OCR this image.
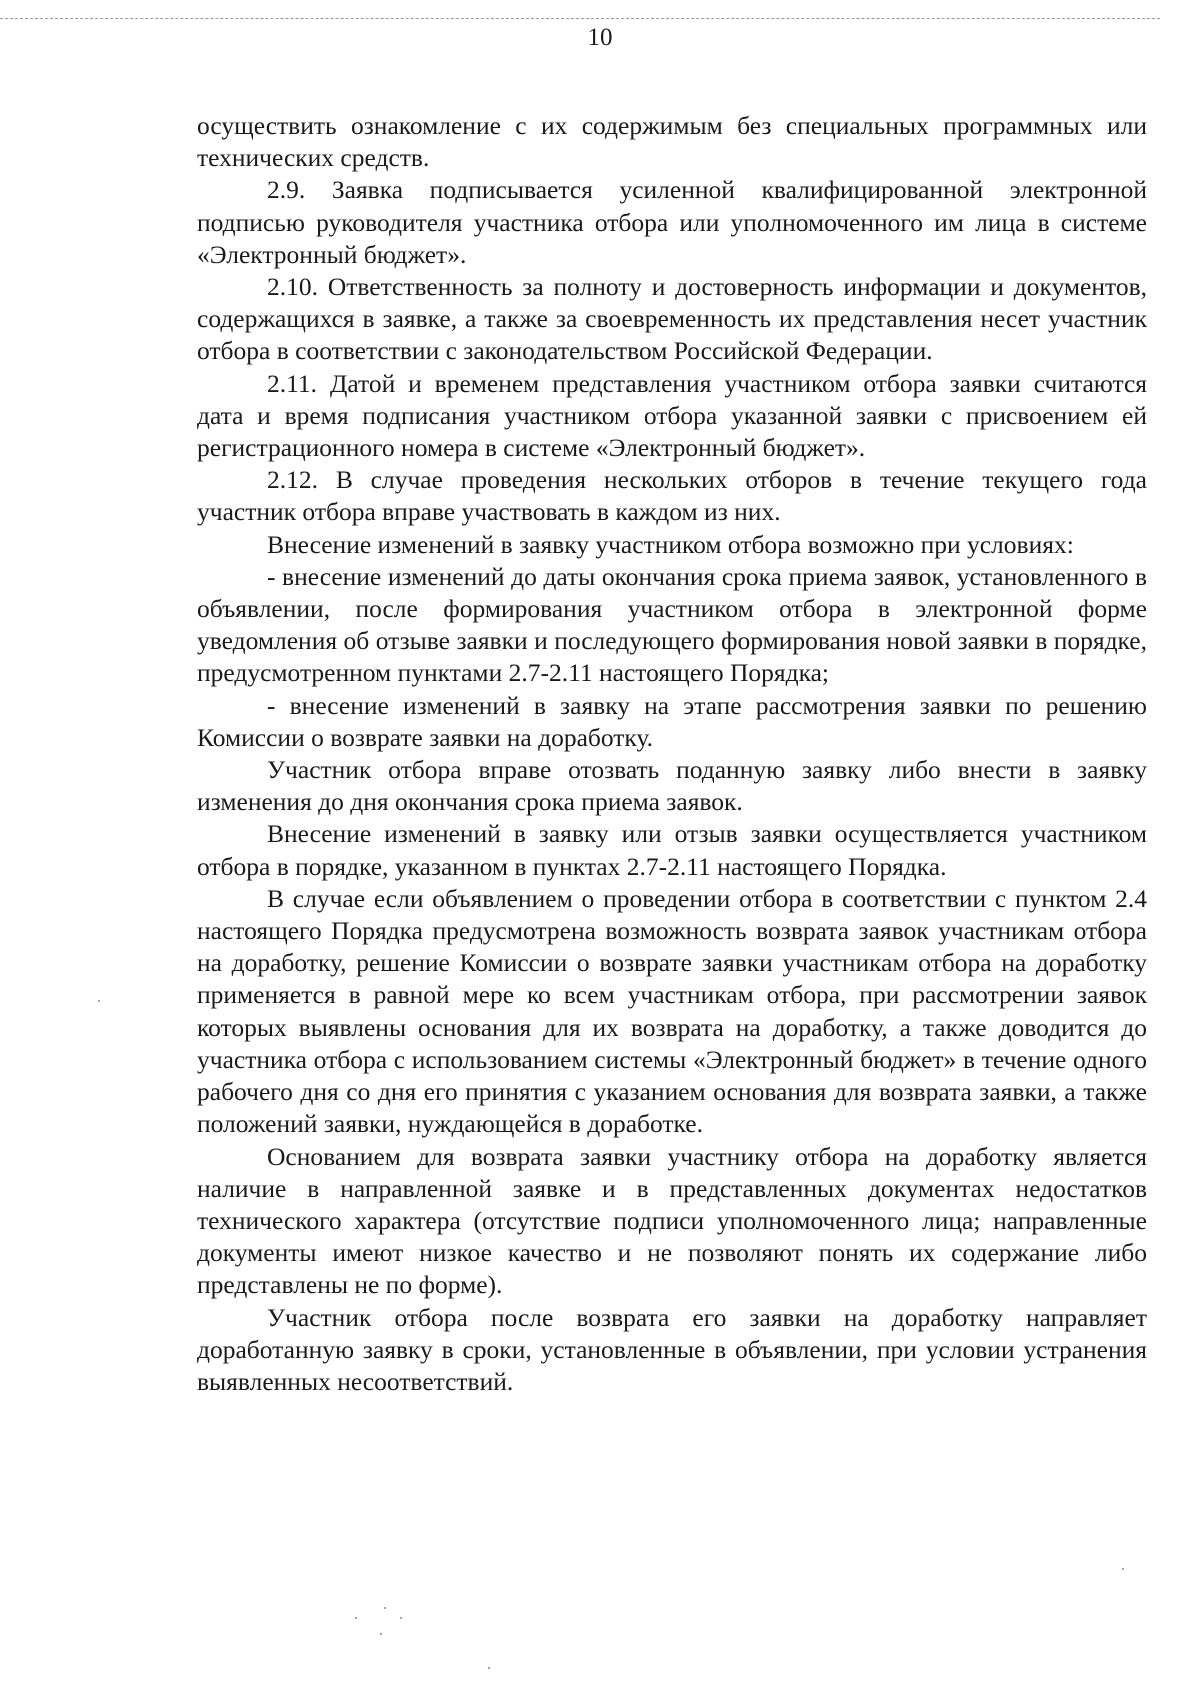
10

осуществить ознакомление с их содержимым без специальных программных или технических средств.

2.9. Заявка подписывается усиленной квалифицированной электронной подписью руководителя участника отбора или уполномоченного им лица в системе «Электронный бюджет».

2.10. Ответственность за полноту и достоверность информации и документов, содержащихся в заявке, а также за своевременность их представления несет участник отбора в соответствии с законодательством Российской Федерации.

2.11. Датой и временем представления участником отбора заявки считаются дата и время подписания участником отбора указанной заявки с присвоением ей регистрационного номера в системе «Электронный бюджет».

2.12. В случае проведения нескольких отборов в течение текущего года участник отбора вправе участвовать в каждом из них.

Внесение изменений в заявку участником отбора возможно при условиях:

- внесение изменений до даты окончания срока приема заявок, установленного в объявлении, после формирования участником отбора в электронной форме уведомления об отзыве заявки и последующего формирования новой заявки в порядке, предусмотренном пунктами 2.7-2.11 настоящего Порядка;

- внесение изменений в заявку на этапе рассмотрения заявки по решению Комиссии о возврате заявки на доработку.

Участник отбора вправе отозвать поданную заявку либо внести в заявку изменения до дня окончания срока приема заявок.

Внесение изменений в заявку или отзыв заявки осуществляется участником отбора в порядке, указанном в пунктах 2.7-2.11 настоящего Порядка.

В случае если объявлением о проведении отбора в соответствии с пунктом 2.4 настоящего Порядка предусмотрена возможность возврата заявок участникам отбора на доработку, решение Комиссии о возврате заявки участникам отбора на доработку применяется в равной мере ко всем участникам отбора, при рассмотрении заявок которых выявлены основания для их возврата на доработку, а также доводится до участника отбора с использованием системы «Электронный бюджет» в течение одного рабочего дня со дня его принятия с указанием основания для возврата заявки, а также положений заявки, нуждающейся в доработке.

Основанием для возврата заявки участнику отбора на доработку является наличие в направленной заявке и в представленных документах недостатков технического характера (отсутствие подписи уполномоченного лица; направленные документы имеют низкое качество и не позволяют понять их содержание либо представлены не по форме).

Участник отбора после возврата его заявки на доработку направляет доработанную заявку в сроки, установленные в объявлении, при условии устранения выявленных несоответствий.
